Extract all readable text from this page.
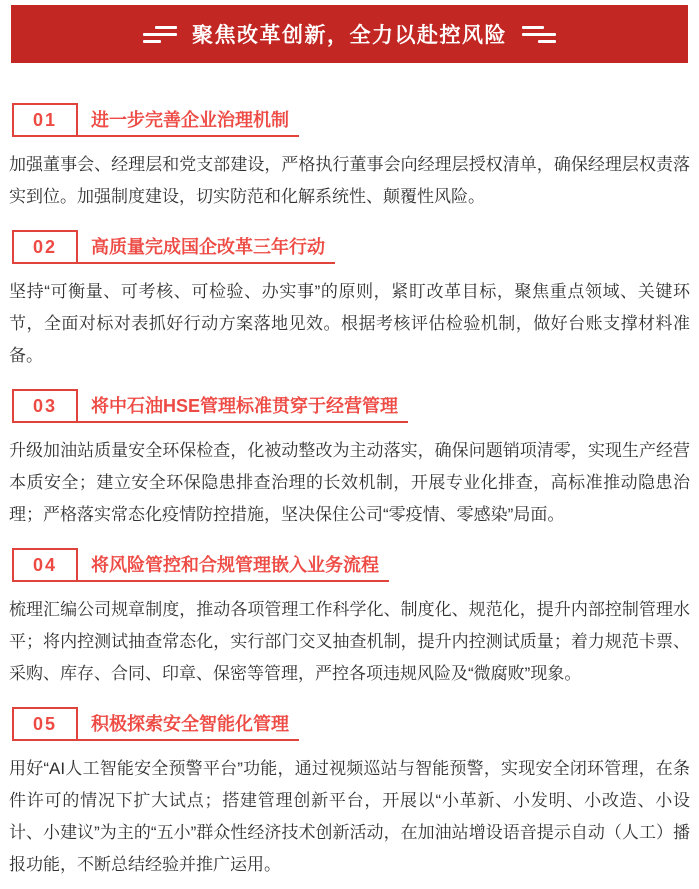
聚焦改革创新，全力以赴控风险
01	进一步完善企业治理机制

加强董事会、经理层和党支部建设，严格执行董事会向经理层授权清单，确保经理层权责落实到位。加强制度建设，切实防范和化解系统性、颠覆性风险。

02	高质量完成国企改革三年行动

坚持“可衡量、可考核、可检验、办实事”的原则，紧盯改革目标，聚焦重点领域、关键环节，全面对标对表抓好行动方案落地见效。根据考核评估检验机制，做好台账支撑材料准备。

03	将中石油HSE管理标准贯穿于经营管理

升级加油站质量安全环保检查，化被动整改为主动落实，确保问题销项清零，实现生产经营本质安全；建立安全环保隐患排查治理的长效机制，开展专业化排查，高标准推动隐患治理；严格落实常态化疫情防控措施，坚决保住公司“零疫情、零感染”局面。

04	将风险管控和合规管理嵌入业务流程

梳理汇编公司规章制度，推动各项管理工作科学化、制度化、规范化，提升内部控制管理水平；将内控测试抽查常态化，实行部门交叉抽查机制，提升内控测试质量；着力规范卡票、采购、库存、合同、印章、保密等管理，严控各项违规风险及“微腐败”现象。

05	积极探索安全智能化管理

用好“AI人工智能安全预警平台”功能，通过视频巡站与智能预警，实现安全闭环管理，在条件许可的情况下扩大试点；搭建管理创新平台，开展以“小革新、小发明、小改造、小设计、小建议”为主的“五小”群众性经济技术创新活动，在加油站增设语音提示自动（人工）播报功能，不断总结经验并推广运用。
